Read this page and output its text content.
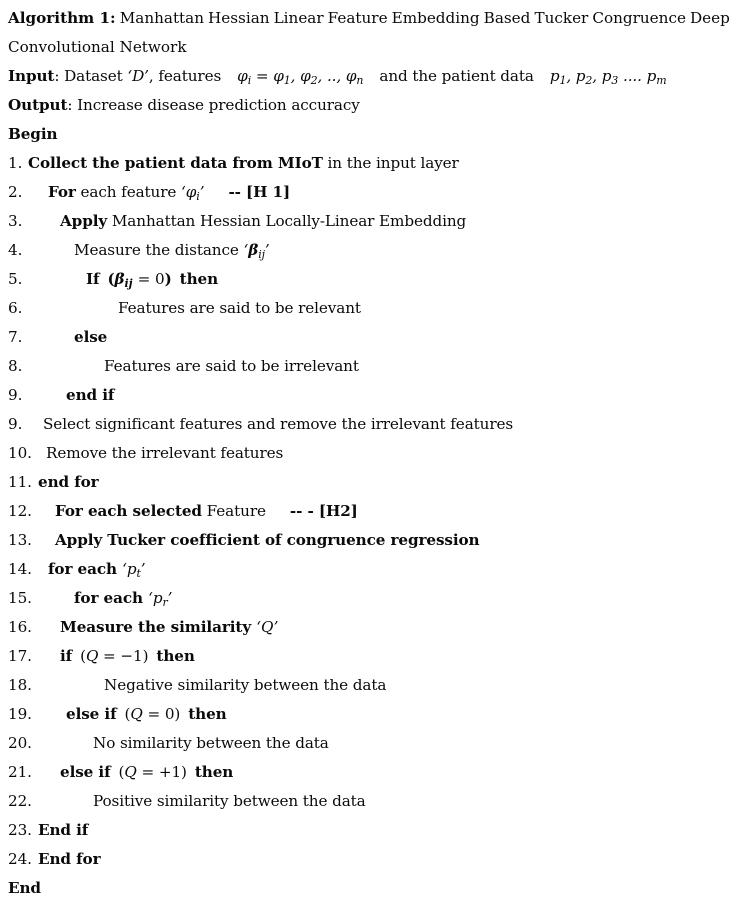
Algorithm 1: Manhattan Hessian Linear Feature Embedding Based Tucker Congruence Deep
Convolutional Network
Input: Dataset ‘D’, features $\varphi_i = \varphi_1$, $\varphi_2$, .., $\varphi_n$ and the patient data $p_1$, $p_2$, $p_3$ .... $p_m$
Output: Increase disease prediction accuracy
Begin
1. Collect the patient data from MIoT in the input layer
2. For each feature ‘$\varphi_i$’ -- [H 1]
3. Apply Manhattan Hessian Locally-Linear Embedding
4.	Measure the distance ‘$\beta_{ij}$’
5.	If $(\beta_{ij} = 0)$ then
6.	Features are said to be relevant
7.	else
8.	Features are said to be irrelevant
9.	end if
9. Select significant features and remove the irrelevant features
10. Remove the irrelevant features
11. end for
12. For each selected Feature -- - [H2]
13. Apply Tucker coefficient of congruence regression
14. for each ‘$p_t$’
15.	for each ‘$p_r$’
16. Measure the similarity ‘Q’
17. if (Q = −1) then
18.	Negative similarity between the data
19. else if (Q = 0) then
20.	No similarity between the data
21. else if (Q = +1) then
22.	Positive similarity between the data
23. End if
24. End for
End
